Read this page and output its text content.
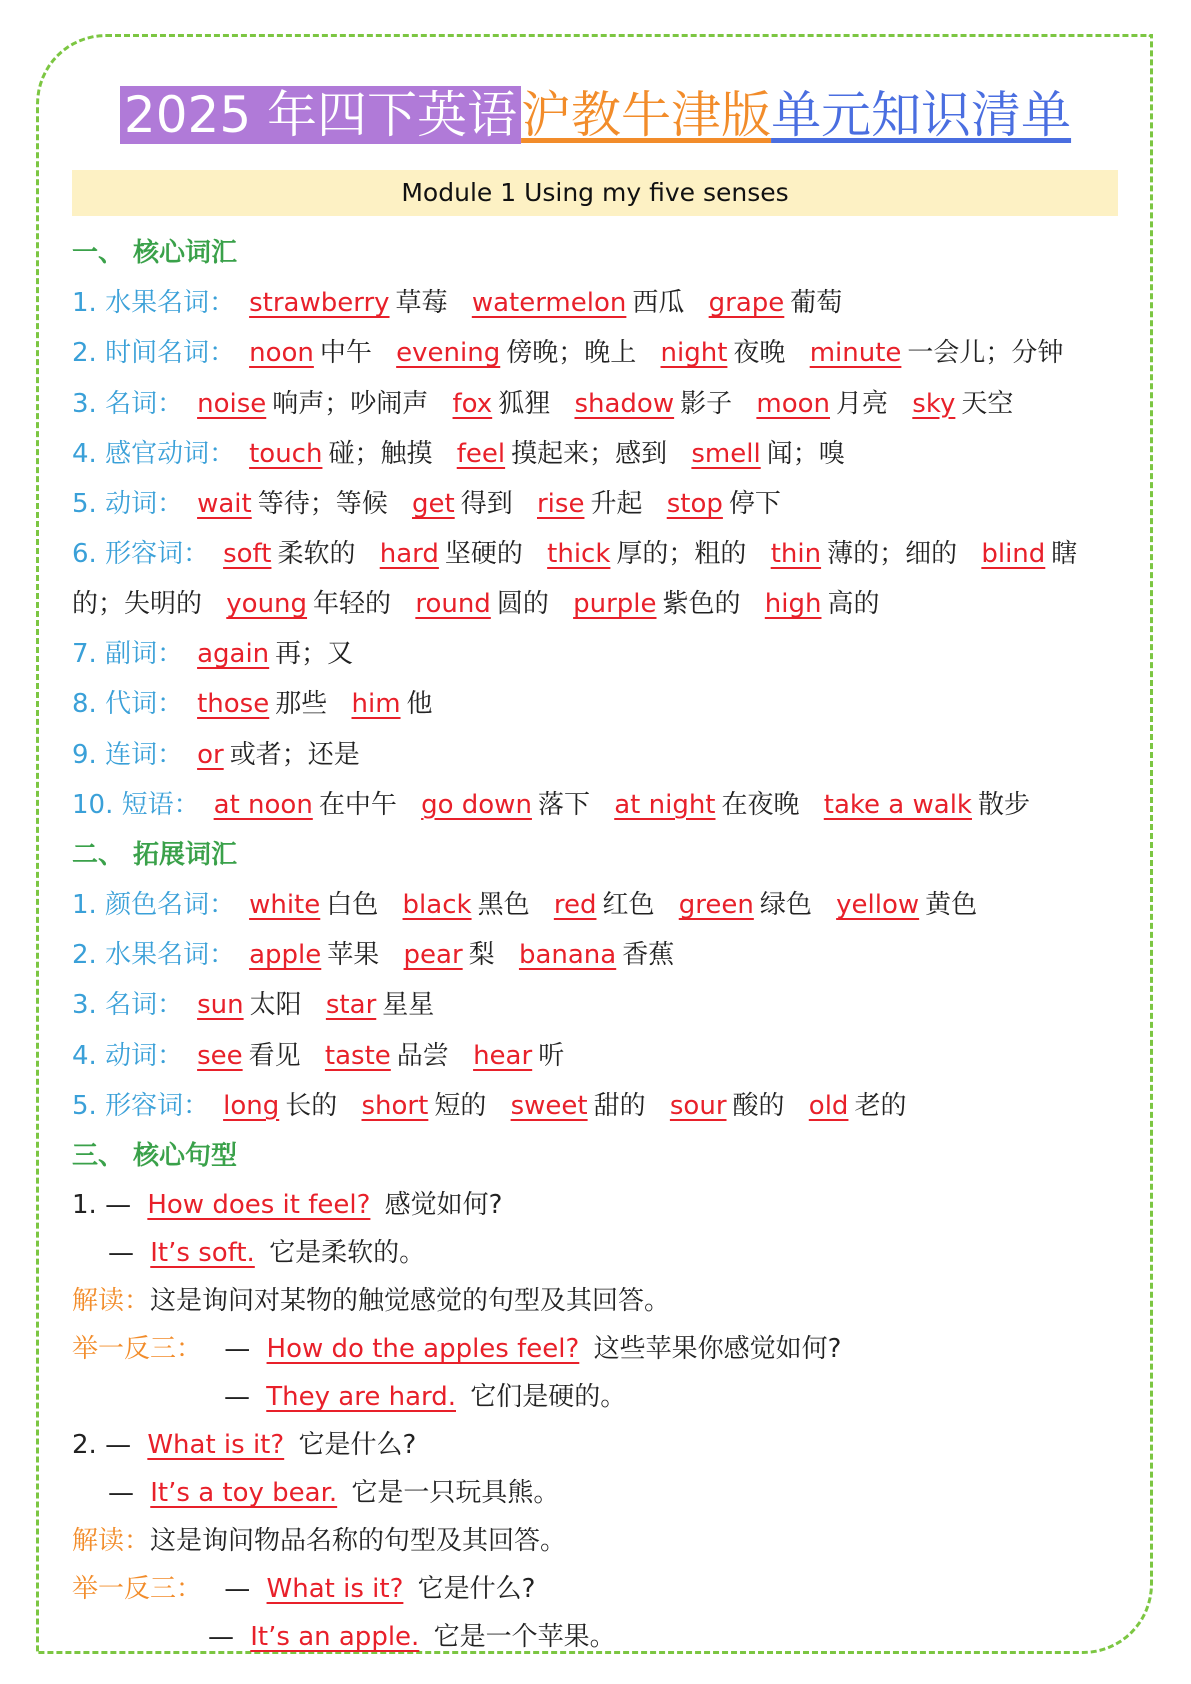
2025 年四下英语沪教牛津版单元知识清单
Module 1 Using my five senses
一、 核心词汇
1. 水果名词： strawberry 草莓 watermelon 西瓜 grape 葡萄
2. 时间名词： noon 中午 evening 傍晚；晚上 night 夜晚 minute 一会儿；分钟
3. 名词： noise 响声；吵闹声 fox 狐狸 shadow 影子 moon 月亮 sky 天空
4. 感官动词： touch 碰；触摸 feel 摸起来；感到 smell 闻；嗅
5. 动词： wait 等待；等候 get 得到 rise 升起 stop 停下
6. 形容词： soft 柔软的 hard 坚硬的 thick 厚的；粗的 thin 薄的；细的 blind 瞎的；失明的 young 年轻的 round 圆的 purple 紫色的 high 高的
7. 副词： again 再；又
8. 代词： those 那些 him 他
9. 连词： or 或者；还是
10. 短语： at noon 在中午 go down 落下 at night 在夜晚 take a walk 散步
二、 拓展词汇
1. 颜色名词： white 白色 black 黑色 red 红色 green 绿色 yellow 黄色
2. 水果名词： apple 苹果 pear 梨 banana 香蕉
3. 名词： sun 太阳 star 星星
4. 动词： see 看见 taste 品尝 hear 听
5. 形容词： long 长的 short 短的 sweet 甜的 sour 酸的 old 老的
三、 核心句型
1. — How does it feel? 感觉如何?
— It’s soft. 它是柔软的。
解读：这是询问对某物的触觉感觉的句型及其回答。
举一反三： — How do the apples feel? 这些苹果你感觉如何?
— They are hard. 它们是硬的。
2. — What is it? 它是什么?
— It’s a toy bear. 它是一只玩具熊。
解读：这是询问物品名称的句型及其回答。
举一反三： — What is it? 它是什么?
— It’s an apple. 它是一个苹果。
